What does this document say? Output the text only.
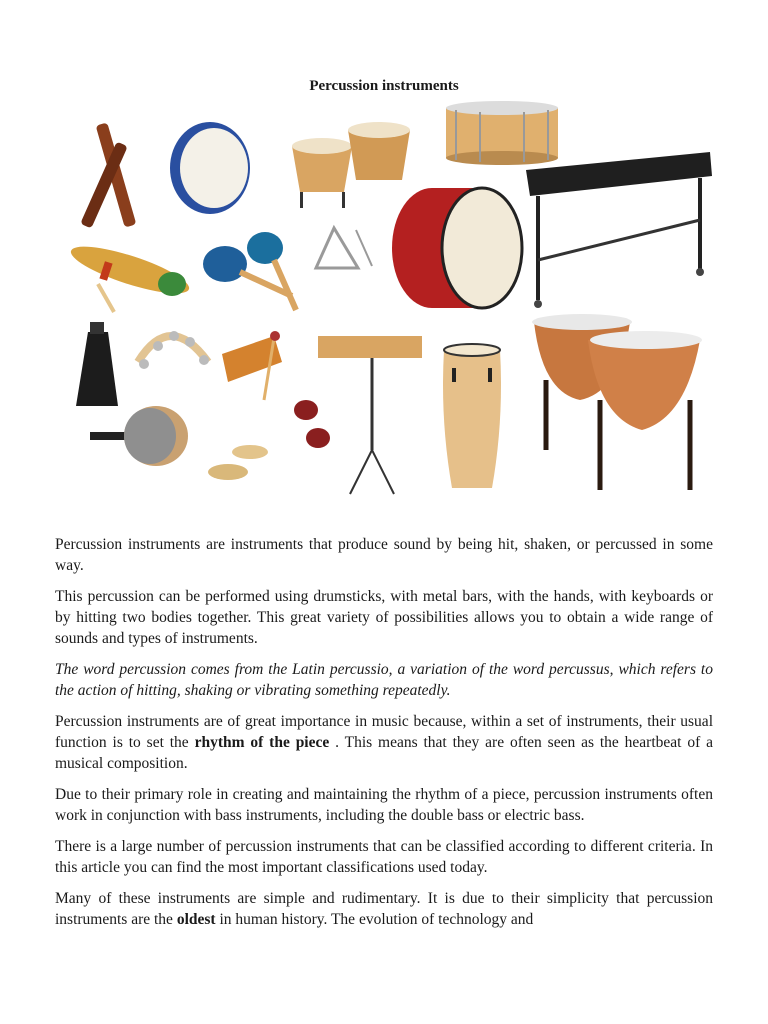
Percussion instruments

Percussion instruments are instruments that produce sound by being hit, shaken, or percussed in some way.

This percussion can be performed using drumsticks, with metal bars, with the hands, with keyboards or by hitting two bodies together. This great variety of possibilities allows you to obtain a wide range of sounds and types of instruments.

The word percussion comes from the Latin percussio, a variation of the word percussus, which refers to the action of hitting, shaking or vibrating something repeatedly.

Percussion instruments are of great importance in music because, within a set of instruments, their usual function is to set the rhythm of the piece . This means that they are often seen as the heartbeat of a musical composition.

Due to their primary role in creating and maintaining the rhythm of a piece, percussion instruments often work in conjunction with bass instruments, including the double bass or electric bass.

There is a large number of percussion instruments that can be classified according to different criteria. In this article you can find the most important classifications used today.

Many of these instruments are simple and rudimentary. It is due to their simplicity that percussion instruments are the oldest in human history. The evolution of technology and
